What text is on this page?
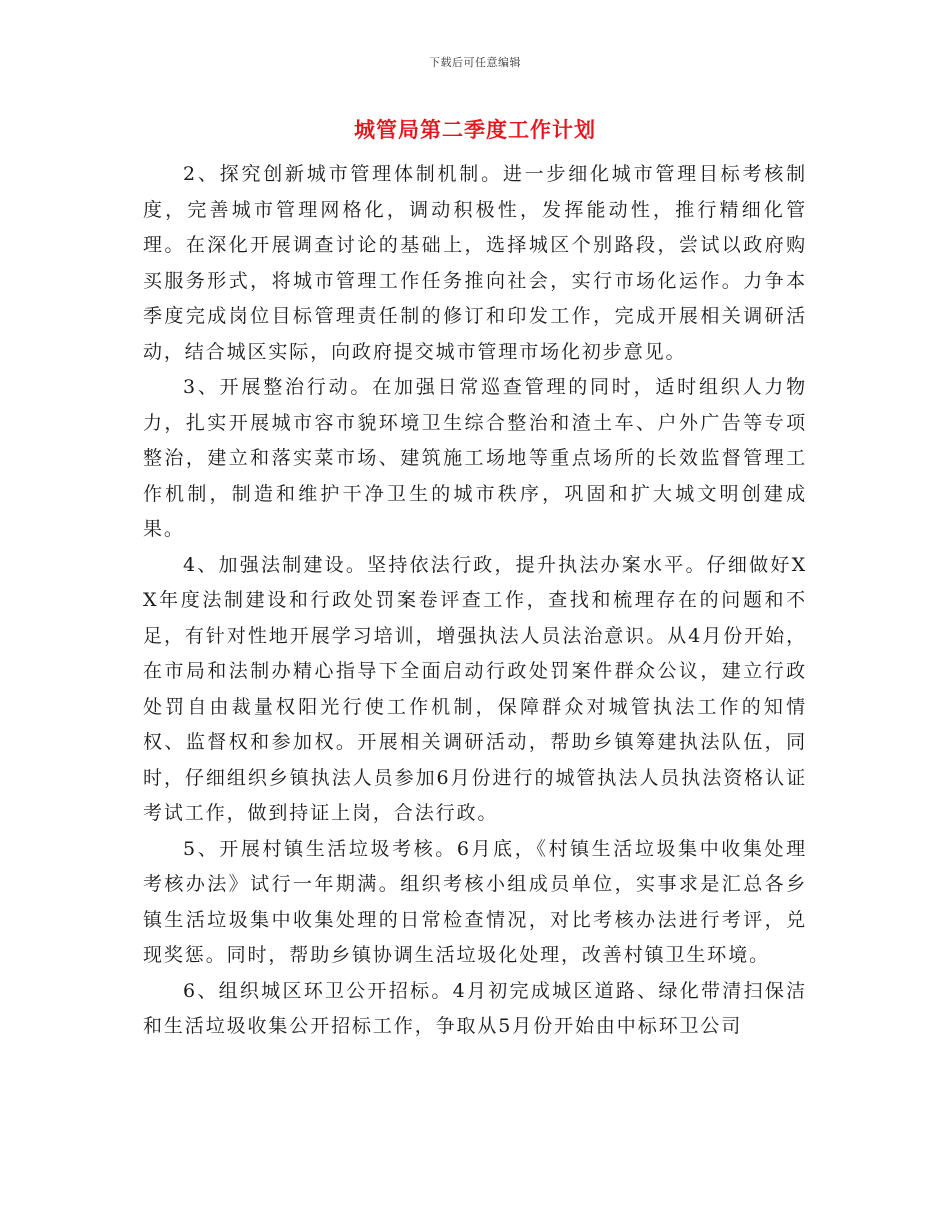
下载后可任意编辑
城管局第二季度工作计划

2、探究创新城市管理体制机制。进一步细化城市管理目标考核制度，完善城市管理网格化，调动积极性，发挥能动性，推行精细化管理。在深化开展调查讨论的基础上，选择城区个别路段，尝试以政府购买服务形式，将城市管理工作任务推向社会，实行市场化运作。力争本季度完成岗位目标管理责任制的修订和印发工作，完成开展相关调研活动，结合城区实际，向政府提交城市管理市场化初步意见。

3、开展整治行动。在加强日常巡查管理的同时，适时组织人力物力，扎实开展城市容市貌环境卫生综合整治和渣土车、户外广告等专项整治，建立和落实菜市场、建筑施工场地等重点场所的长效监督管理工作机制，制造和维护干净卫生的城市秩序，巩固和扩大城文明创建成果。

4、加强法制建设。坚持依法行政，提升执法办案水平。仔细做好XX年度法制建设和行政处罚案卷评查工作，查找和梳理存在的问题和不足，有针对性地开展学习培训，增强执法人员法治意识。从4月份开始，在市局和法制办精心指导下全面启动行政处罚案件群众公议，建立行政处罚自由裁量权阳光行使工作机制，保障群众对城管执法工作的知情权、监督权和参加权。开展相关调研活动，帮助乡镇筹建执法队伍，同时，仔细组织乡镇执法人员参加6月份进行的城管执法人员执法资格认证考试工作，做到持证上岗，合法行政。

5、开展村镇生活垃圾考核。6月底，《村镇生活垃圾集中收集处理考核办法》试行一年期满。组织考核小组成员单位，实事求是汇总各乡镇生活垃圾集中收集处理的日常检查情况，对比考核办法进行考评，兑现奖惩。同时，帮助乡镇协调生活垃圾化处理，改善村镇卫生环境。

6、组织城区环卫公开招标。4月初完成城区道路、绿化带清扫保洁和生活垃圾收集公开招标工作，争取从5月份开始由中标环卫公司
